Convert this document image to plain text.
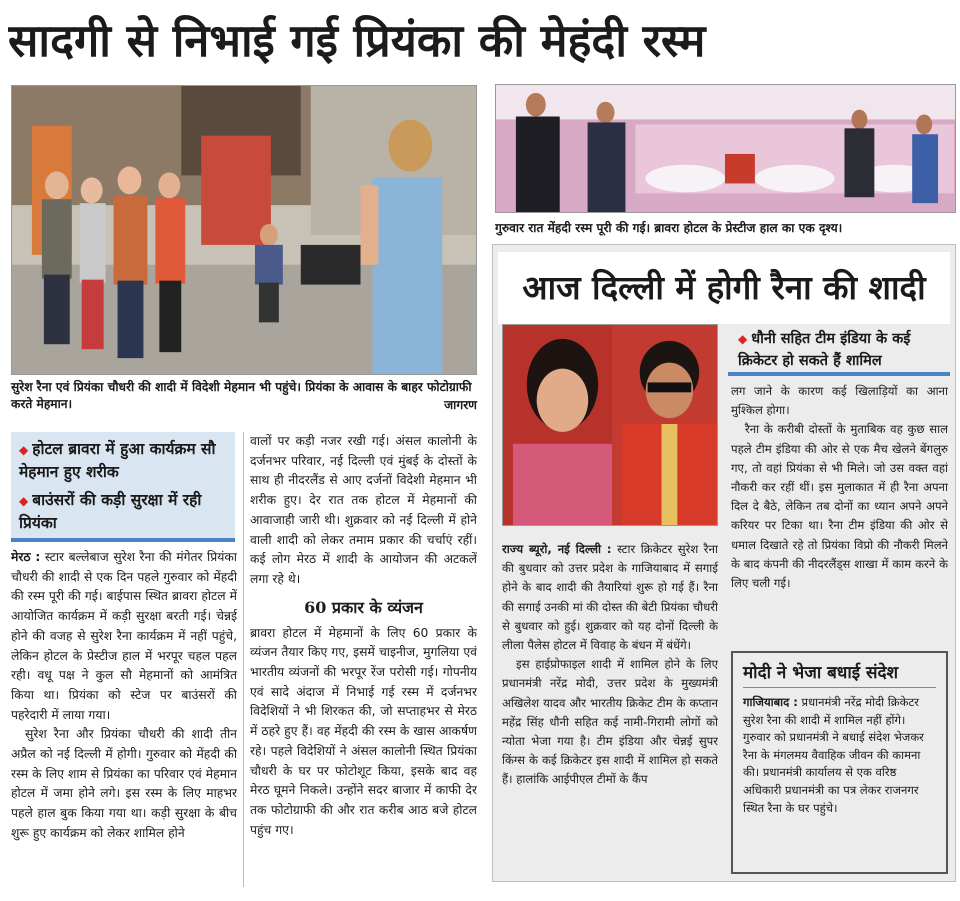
सादगी से निभाई गई प्रियंका की मेहंदी रस्म
सुरेश रैना एवं प्रियंका चौधरी की शादी में विदेशी मेहमान भी पहुंचे। प्रियंका के आवास के बाहर फोटोग्राफी करते मेहमान।	जागरण
गुरुवार रात मेंहदी रस्म पूरी की गई। ब्रावरा होटल के प्रेस्टीज हाल का एक दृश्य।
◆ होटल ब्रावरा में हुआ कार्यक्रम सौ मेहमान हुए शरीक
◆ बाउंसरों की कड़ी सुरक्षा में रही प्रियंका

मेरठ : स्टार बल्लेबाज सुरेश रैना की मंगेतर प्रियंका चौधरी की शादी से एक दिन पहले गुरुवार को मेंहदी की रस्म पूरी की गई। बाईपास स्थित ब्रावरा होटल में आयोजित कार्यक्रम में कड़ी सुरक्षा बरती गई। चेन्नई होने की वजह से सुरेश रैना कार्यक्रम में नहीं पहुंचे, लेकिन होटल के प्रेस्टीज हाल में भरपूर चहल पहल रही। वधू पक्ष ने कुल सौ मेहमानों को आमंत्रित किया था। प्रियंका को स्टेज पर बाउंसरों की पहरेदारी में लाया गया।

सुरेश रैना और प्रियंका चौधरी की शादी तीन अप्रैल को नई दिल्ली में होगी। गुरुवार को मेंहदी की रस्म के लिए शाम से प्रियंका का परिवार एवं मेहमान होटल में जमा होने लगे। इस रस्म के लिए माहभर पहले हाल बुक किया गया था। कड़ी सुरक्षा के बीच शुरू हुए कार्यक्रम को लेकर शामिल होने

वालों पर कड़ी नजर रखी गई। अंसल कालोनी के दर्जनभर परिवार, नई दिल्ली एवं मुंबई के दोस्तों के साथ ही नीदरलैंड से आए दर्जनों विदेशी मेहमान भी शरीक हुए। देर रात तक होटल में मेहमानों की आवाजाही जारी थी। शुक्रवार को नई दिल्ली में होने वाली शादी को लेकर तमाम प्रकार की चर्चाएं रहीं। कई लोग मेरठ में शादी के आयोजन की अटकलें लगा रहे थे।

60 प्रकार के व्यंजन

ब्रावरा होटल में मेहमानों के लिए 60 प्रकार के व्यंजन तैयार किए गए, इसमें चाइनीज, मुगलिया एवं भारतीय व्यंजनों की भरपूर रेंज परोसी गई। गोपनीय एवं सादे अंदाज में निभाई गई रस्म में दर्जनभर विदेशियों ने भी शिरकत की, जो सप्ताहभर से मेरठ में ठहरे हुए हैं। वह मेंहदी की रस्म के खास आकर्षण रहे। पहले विदेशियों ने अंसल कालोनी स्थित प्रियंका चौधरी के घर पर फोटोशूट किया, इसके बाद वह मेरठ घूमने निकले। उन्होंने सदर बाजार में काफी देर तक फोटोग्राफी की और रात करीब आठ बजे होटल पहुंच गए।

आज दिल्ली में होगी रैना की शादी
◆ धौनी सहित टीम इंडिया के कई क्रिकेटर हो सकते हैं शामिल

राज्य ब्यूरो, नई दिल्ली : स्टार क्रिकेटर सुरेश रैना की बुधवार को उत्तर प्रदेश के गाजियाबाद में सगाई होने के बाद शादी की तैयारियां शुरू हो गई हैं। रैना की सगाई उनकी मां की दोस्त की बेटी प्रियंका चौधरी से बुधवार को हुई। शुक्रवार को यह दोनों दिल्ली के लीला पैलेस होटल में विवाह के बंधन में बंधेंगे।

इस हाईप्रोफाइल शादी में शामिल होने के लिए प्रधानमंत्री नरेंद्र मोदी, उत्तर प्रदेश के मुख्यमंत्री अखिलेश यादव और भारतीय क्रिकेट टीम के कप्तान महेंद्र सिंह धौनी सहित कई नामी-गिरामी लोगों को न्योता भेजा गया है। टीम इंडिया और चेन्नई सुपर किंग्स के कई क्रिकेटर इस शादी में शामिल हो सकते हैं। हालांकि आईपीएल टीमों के कैंप

लग जाने के कारण कई खिलाड़ियों का आना मुश्किल होगा।

रैना के करीबी दोस्तों के मुताबिक वह कुछ साल पहले टीम इंडिया की ओर से एक मैच खेलने बेंगलुरु गए, तो वहां प्रियंका से भी मिले। जो उस वक्त वहां नौकरी कर रहीं थीं। इस मुलाकात में ही रैना अपना दिल दे बैठे, लेकिन तब दोनों का ध्यान अपने अपने करियर पर टिका था। रैना टीम इंडिया की ओर से धमाल दिखाते रहे तो प्रियंका विप्रो की नौकरी मिलने के बाद कंपनी की नीदरलैंड्स शाखा में काम करने के लिए चली गई।

मोदी ने भेजा बधाई संदेश
गाजियाबाद : प्रधानमंत्री नरेंद्र मोदी क्रिकेटर सुरेश रैना की शादी में शामिल नहीं होंगे। गुरुवार को प्रधानमंत्री ने बधाई संदेश भेजकर रैना के मंगलमय वैवाहिक जीवन की कामना की। प्रधानमंत्री कार्यालय से एक वरिष्ठ अधिकारी प्रधानमंत्री का पत्र लेकर राजनगर स्थित रैना के घर पहुंचे।
